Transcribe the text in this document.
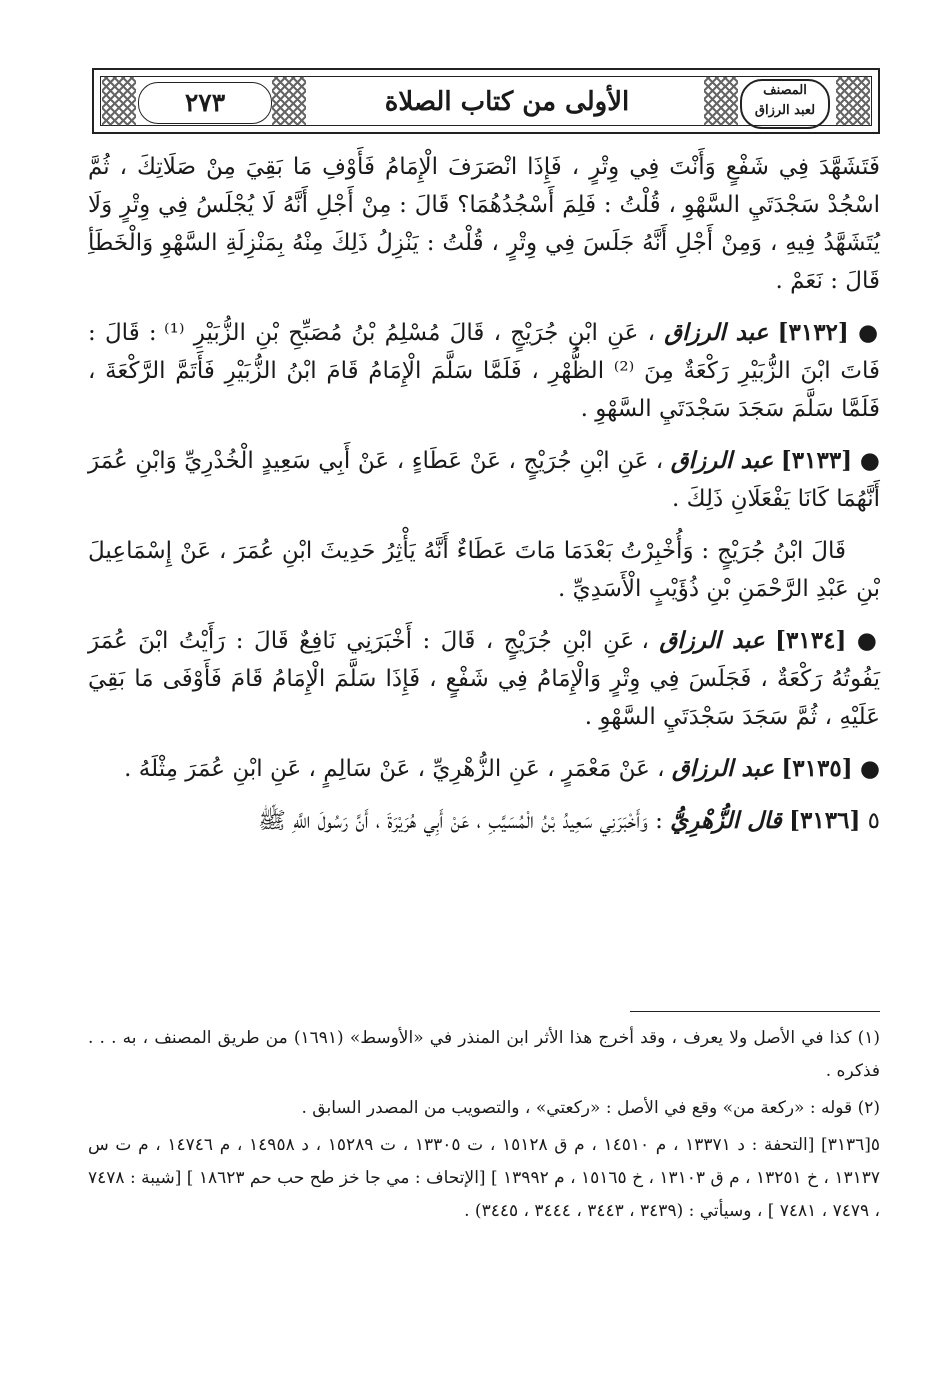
٢٧٣	الأولى من كتاب الصلاة	المصنف
لعبد الرزاق

فَتَشَهَّدَ فِي شَفْعٍ وَأَنْتَ فِي وِتْرٍ ، فَإِذَا انْصَرَفَ الْإِمَامُ فَأَوْفِ مَا بَقِيَ مِنْ صَلَاتِكَ ، ثُمَّ اسْجُدْ سَجْدَتَيِ السَّهْوِ ، قُلْتُ : فَلِمَ أَسْجُدُهُمَا؟ قَالَ : مِنْ أَجْلِ أَنَّهُ لَا يُجْلَسُ فِي وِتْرٍ وَلَا يُتَشَهَّدُ فِيهِ ، وَمِنْ أَجْلِ أَنَّهُ جَلَسَ فِي وِتْرٍ ، قُلْتُ : يَنْزِلُ ذَلِكَ مِنْهُ بِمَنْزِلَةِ السَّهْوِ وَالْخَطَأِ قَالَ : نَعَمْ .

● [٣١٣٢] عبد الرزاق ، عَنِ ابْنِ جُرَيْجٍ ، قَالَ مُسْلِمُ بْنُ مُصَبِّحِ بْنِ الزُّبَيْرِ ⁽¹⁾ : قَالَ : فَاتَ ابْنَ الزُّبَيْرِ رَكْعَةٌ مِنَ ⁽²⁾ الظُّهْرِ ، فَلَمَّا سَلَّمَ الْإِمَامُ قَامَ ابْنُ الزُّبَيْرِ فَأَتَمَّ الرَّكْعَةَ ، فَلَمَّا سَلَّمَ سَجَدَ سَجْدَتَيِ السَّهْوِ .

● [٣١٣٣] عبد الرزاق ، عَنِ ابْنِ جُرَيْجٍ ، عَنْ عَطَاءٍ ، عَنْ أَبِي سَعِيدٍ الْخُدْرِيِّ وَابْنِ عُمَرَ أَنَّهُمَا كَانَا يَفْعَلَانِ ذَلِكَ .

قَالَ ابْنُ جُرَيْجٍ : وَأُخْبِرْتُ بَعْدَمَا مَاتَ عَطَاءٌ أَنَّهُ يَأْثِرُ حَدِيثَ ابْنِ عُمَرَ ، عَنْ إِسْمَاعِيلَ بْنِ عَبْدِ الرَّحْمَنِ بْنِ ذُؤَيْبٍ الْأَسَدِيِّ .

● [٣١٣٤] عبد الرزاق ، عَنِ ابْنِ جُرَيْجٍ ، قَالَ : أَخْبَرَنِي نَافِعٌ قَالَ : رَأَيْتُ ابْنَ عُمَرَ يَفُوتُهُ رَكْعَةٌ ، فَجَلَسَ فِي وِتْرٍ وَالْإِمَامُ فِي شَفْعٍ ، فَإِذَا سَلَّمَ الْإِمَامُ قَامَ فَأَوْفَى مَا بَقِيَ عَلَيْهِ ، ثُمَّ سَجَدَ سَجْدَتَيِ السَّهْوِ .

● [٣١٣٥] عبد الرزاق ، عَنْ مَعْمَرٍ ، عَنِ الزُّهْرِيِّ ، عَنْ سَالِمٍ ، عَنِ ابْنِ عُمَرَ مِثْلَهُ .

٥ [٣١٣٦] قال الزُّهْرِيُّ : وَأَخْبَرَنِي سَعِيدُ بْنُ الْمُسَيَّبِ ، عَنْ أَبِي هُرَيْرَةَ ، أَنَّ رَسُولَ اللَّهِ ﷺ

(١) كذا في الأصل ولا يعرف ، وقد أخرج هذا الأثر ابن المنذر في «الأوسط» (١٦٩١) من طريق المصنف ، به . . . فذكره .

(٢) قوله : «ركعة من» وقع في الأصل : «ركعتي» ، والتصويب من المصدر السابق .

٥[٣١٣٦] [التحفة : د ١٣٣٧١ ، م ١٤٥١٠ ، م ق ١٥١٢٨ ، ت ١٣٣٠٥ ، ت ١٥٢٨٩ ، د ١٤٩٥٨ ، م ١٤٧٤٦ ، م ت س ١٣١٣٧ ، خ ١٣٢٥١ ، م ق ١٣١٠٣ ، خ ١٥١٦٥ ، م ١٣٩٩٢ ] [الإتحاف : مي جا خز طح حب حم ١٨٦٢٣ ] [شيبة : ٧٤٧٨ ، ٧٤٧٩ ، ٧٤٨١ ] ، وسيأتي : (٣٤٣٩ ، ٣٤٤٣ ، ٣٤٤٤ ، ٣٤٤٥) .
